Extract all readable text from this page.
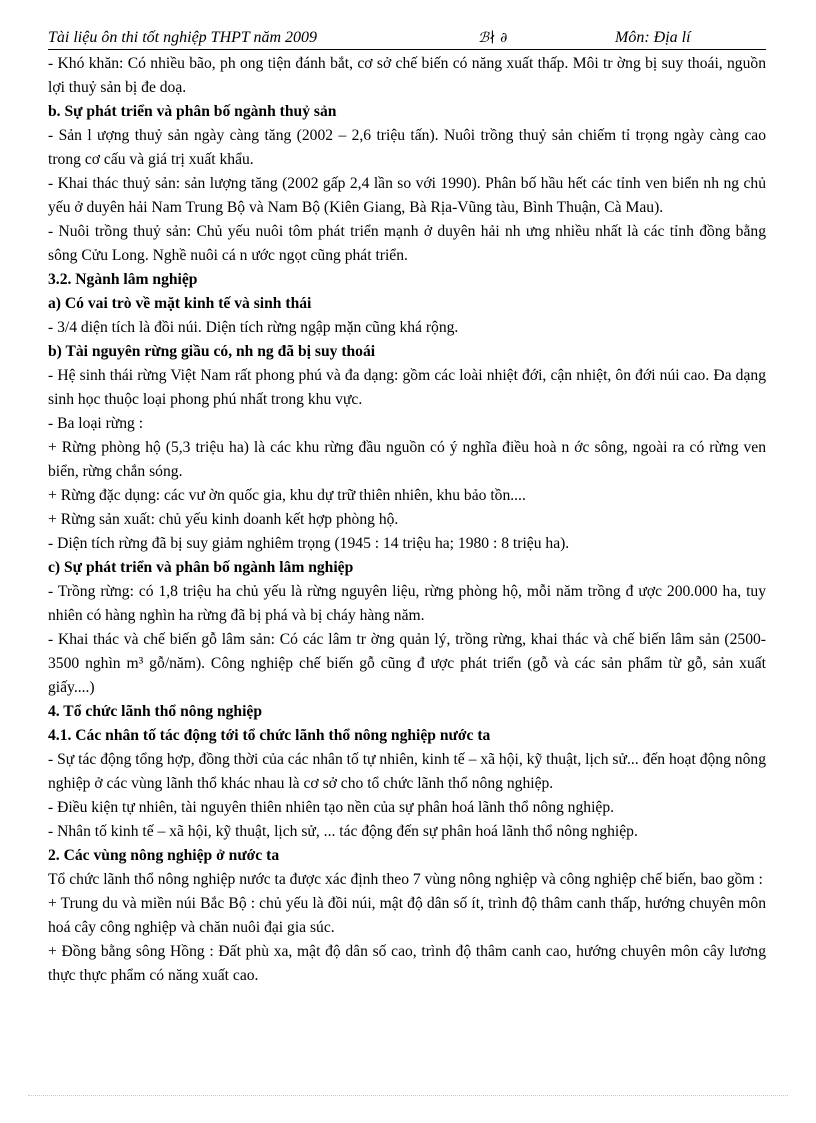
Tài liệu ôn thi tốt nghiệp THPT năm 2009	ℬ∤ ∂	Môn: Địa lí

- Khó khăn: Có nhiều bão, ph ong tiện đánh bắt, cơ sở chế biến có năng xuất thấp. Môi tr ờng bị suy thoái, nguồn lợi thuỷ sản bị đe doạ.

b. Sự phát triển và phân bố ngành thuỷ sản

- Sản l ượng thuỷ sản ngày càng tăng (2002 – 2,6 triệu tấn). Nuôi trồng thuỷ sản chiếm tỉ trọng ngày càng cao trong cơ cấu và giá trị xuất khẩu.

- Khai thác thuỷ sản: sản lượng tăng (2002 gấp 2,4 lần so với 1990). Phân bố hầu hết các tỉnh ven biển nh ng chủ yếu ở duyên hải Nam Trung Bộ và Nam Bộ (Kiên Giang, Bà Rịa-Vũng tàu, Bình Thuận, Cà Mau).

- Nuôi trồng thuỷ sản: Chủ yếu nuôi tôm phát triển mạnh ở duyên hải nh ưng nhiều nhất là các tỉnh đồng bằng sông Cửu Long. Nghề nuôi cá n ước ngọt cũng phát triển.

3.2. Ngành lâm nghiệp

a) Có vai trò về mặt kinh tế và sinh thái

- 3/4 diện tích là đồi núi. Diện tích rừng ngập mặn cũng khá rộng.

b) Tài nguyên rừng giầu có, nh ng đã bị suy thoái

- Hệ sinh thái rừng Việt Nam rất phong phú và đa dạng: gồm các loài nhiệt đới, cận nhiệt, ôn đới núi cao. Đa dạng sinh học thuộc loại phong phú nhất trong khu vực.

- Ba loại rừng :

+ Rừng phòng hộ (5,3 triệu ha) là các khu rừng đầu nguồn có ý nghĩa điều hoà n ớc sông, ngoài ra có rừng ven biển, rừng chắn sóng.

+ Rừng đặc dụng: các vư ờn quốc gia, khu dự trữ thiên nhiên, khu bảo tồn....

+ Rừng sản xuất: chủ yếu kinh doanh kết hợp phòng hộ.

- Diện tích rừng đã bị suy giảm nghiêm trọng (1945 : 14 triệu ha; 1980 : 8 triệu ha).

c) Sự phát triển và phân bố ngành lâm nghiệp

- Trồng rừng: có 1,8 triệu ha chủ yếu là rừng nguyên liệu, rừng phòng hộ, mỗi năm trồng đ ược 200.000 ha, tuy nhiên có hàng nghìn ha rừng đã bị phá và bị cháy hàng năm.

- Khai thác và chế biến gỗ lâm sản: Có các lâm tr ờng quản lý, trồng rừng, khai thác và chế biến lâm sản (2500-3500 nghìn m³ gỗ/năm). Công nghiệp chế biến gỗ cũng đ ược phát triển (gỗ và các sản phẩm từ gỗ, sản xuất giấy....)

4. Tổ chức lãnh thổ nông nghiệp

4.1. Các nhân tố tác động tới tổ chức lãnh thổ nông nghiệp nước ta

- Sự tác động tổng hợp, đồng thời của các nhân tố tự nhiên, kinh tế – xã hội, kỹ thuật, lịch sử... đến hoạt động nông nghiệp ở các vùng lãnh thổ khác nhau là cơ sở cho tổ chức lãnh thổ nông nghiệp.

- Điều kiện tự nhiên, tài nguyên thiên nhiên tạo nền của sự phân hoá lãnh thổ nông nghiệp.

- Nhân tố kinh tế – xã hội, kỹ thuật, lịch sử, ... tác động đến sự phân hoá lãnh thổ nông nghiệp.

2. Các vùng nông nghiệp ở nước ta

Tổ chức lãnh thổ nông nghiệp nước ta được xác định theo 7 vùng nông nghiệp và công nghiệp chế biến, bao gồm :

+ Trung du và miền núi Bắc Bộ : chủ yếu là đồi núi, mật độ dân số ít, trình độ thâm canh thấp, hướng chuyên môn hoá cây công nghiệp và chăn nuôi đại gia súc.

+ Đồng bằng sông Hồng : Đất phù xa, mật độ dân số cao, trình độ thâm canh cao, hướng chuyên môn cây lương thực thực phẩm có năng xuất cao.
